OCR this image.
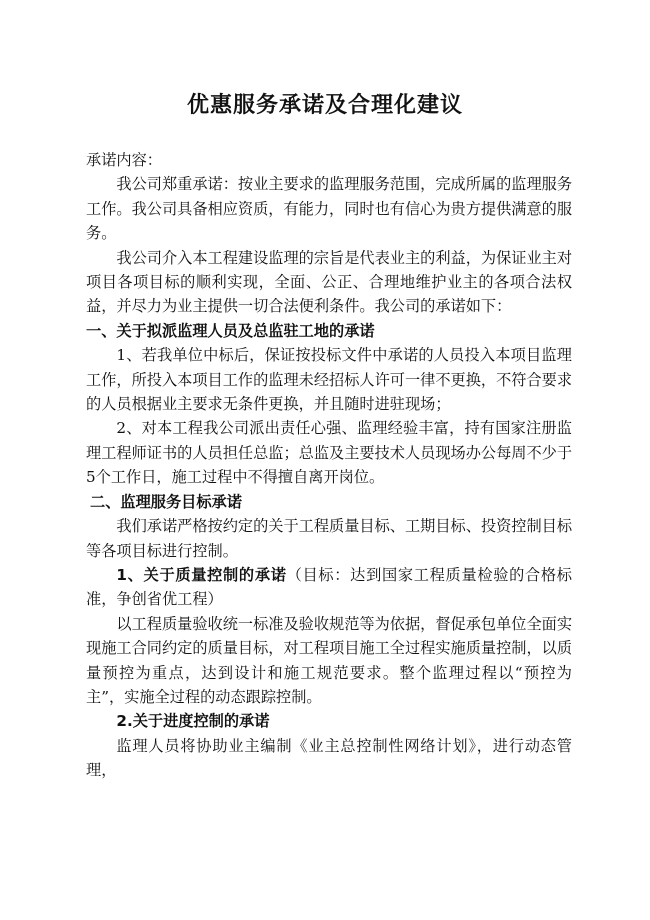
优惠服务承诺及合理化建议

承诺内容：

我公司郑重承诺：按业主要求的监理服务范围，完成所属的监理服务工作。我公司具备相应资质，有能力，同时也有信心为贵方提供满意的服务。

我公司介入本工程建设监理的宗旨是代表业主的利益，为保证业主对项目各项目标的顺利实现，全面、公正、合理地维护业主的各项合法权益，并尽力为业主提供一切合法便利条件。我公司的承诺如下：

一、关于拟派监理人员及总监驻工地的承诺

1、若我单位中标后，保证按投标文件中承诺的人员投入本项目监理工作，所投入本项目工作的监理未经招标人许可一律不更换，不符合要求的人员根据业主要求无条件更换，并且随时进驻现场；

2、对本工程我公司派出责任心强、监理经验丰富，持有国家注册监理工程师证书的人员担任总监；总监及主要技术人员现场办公每周不少于5个工作日，施工过程中不得擅自离开岗位。

二、监理服务目标承诺

我们承诺严格按约定的关于工程质量目标、工期目标、投资控制目标等各项目标进行控制。

1、关于质量控制的承诺（目标：达到国家工程质量检验的合格标准，争创省优工程）

以工程质量验收统一标准及验收规范等为依据，督促承包单位全面实现施工合同约定的质量目标，对工程项目施工全过程实施质量控制，以质量预控为重点，达到设计和施工规范要求。整个监理过程以“预控为主”，实施全过程的动态跟踪控制。

2.关于进度控制的承诺

监理人员将协助业主编制《业主总控制性网络计划》，进行动态管理，
